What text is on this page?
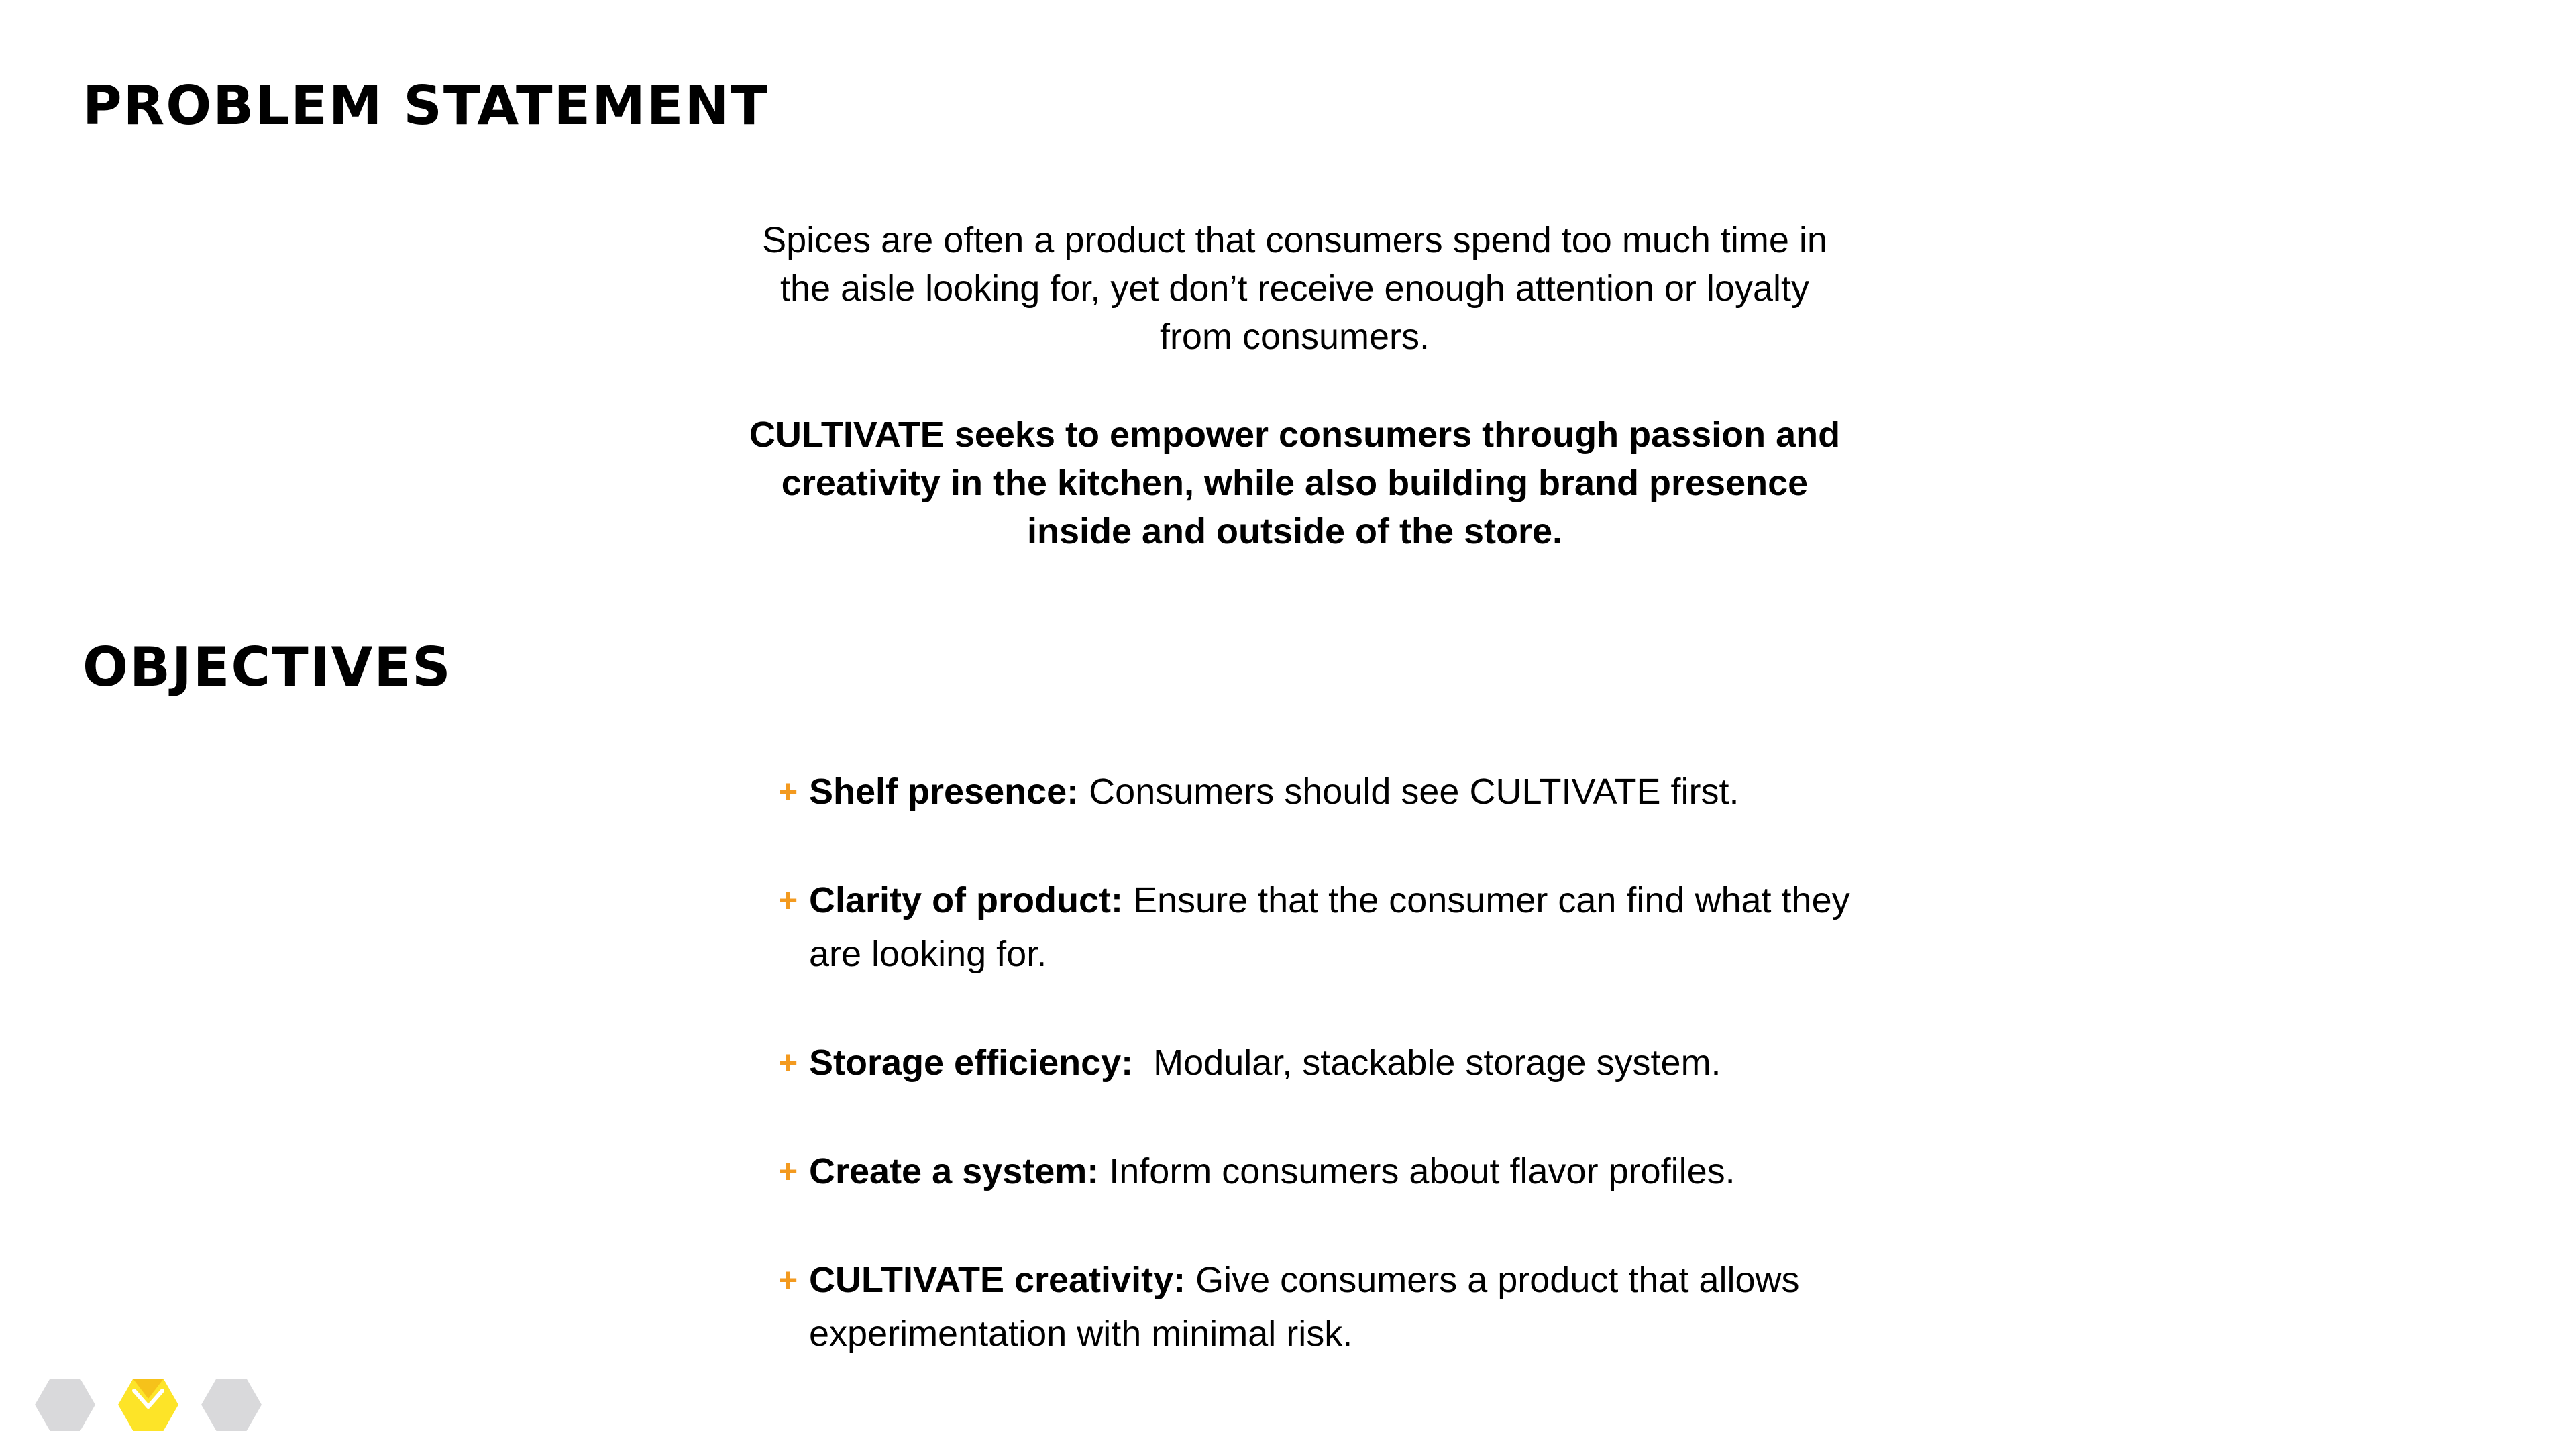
PROBLEM STATEMENT

Spices are often a product that consumers spend too much time in the aisle looking for, yet don’t receive enough attention or loyalty from consumers.

CULTIVATE seeks to empower consumers through passion and creativity in the kitchen, while also building brand presence inside and outside of the store.

OBJECTIVES
+ Shelf presence: Consumers should see CULTIVATE first.
+ Clarity of product: Ensure that the consumer can find what they are looking for.
+ Storage efficiency:  Modular, stackable storage system.
+ Create a system: Inform consumers about flavor profiles.
+ CULTIVATE creativity: Give consumers a product that allows experimentation with minimal risk.
